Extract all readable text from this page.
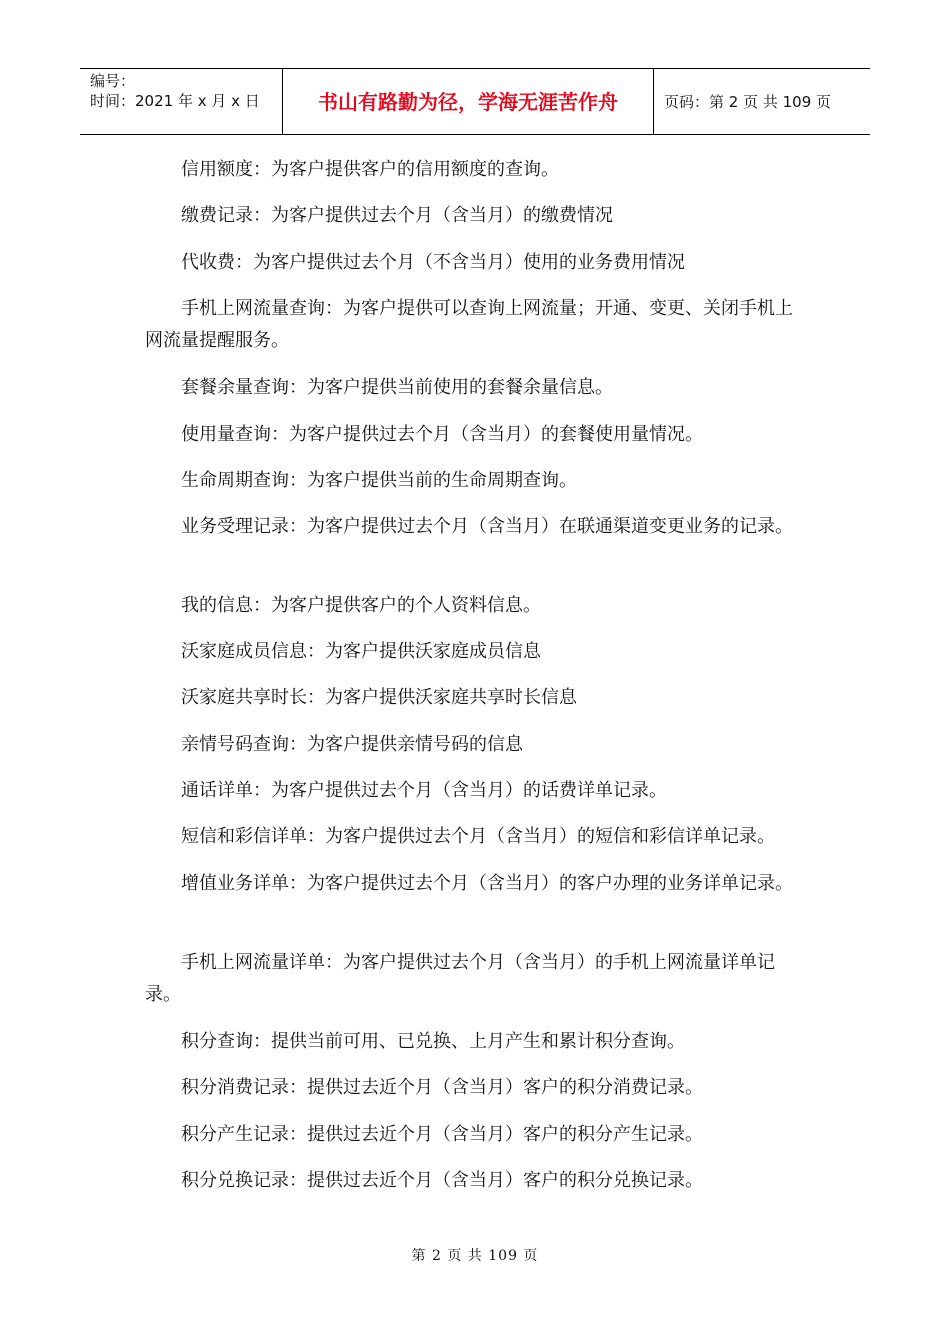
编号：
时间：2021 年 x 月 x 日	书山有路勤为径，学海无涯苦作舟	页码：第 2 页 共 109 页

信用额度：为客户提供客户的信用额度的查询。

缴费记录：为客户提供过去个月（含当月）的缴费情况

代收费：为客户提供过去个月（不含当月）使用的业务费用情况

手机上网流量查询：为客户提供可以查询上网流量；开通、变更、关闭手机上网流量提醒服务。

套餐余量查询：为客户提供当前使用的套餐余量信息。

使用量查询：为客户提供过去个月（含当月）的套餐使用量情况。

生命周期查询：为客户提供当前的生命周期查询。

业务受理记录：为客户提供过去个月（含当月）在联通渠道变更业务的记录。

我的信息：为客户提供客户的个人资料信息。

沃家庭成员信息：为客户提供沃家庭成员信息

沃家庭共享时长：为客户提供沃家庭共享时长信息

亲情号码查询：为客户提供亲情号码的信息

通话详单：为客户提供过去个月（含当月）的话费详单记录。

短信和彩信详单：为客户提供过去个月（含当月）的短信和彩信详单记录。

增值业务详单：为客户提供过去个月（含当月）的客户办理的业务详单记录。

手机上网流量详单：为客户提供过去个月（含当月）的手机上网流量详单记录。

积分查询：提供当前可用、已兑换、上月产生和累计积分查询。

积分消费记录：提供过去近个月（含当月）客户的积分消费记录。

积分产生记录：提供过去近个月（含当月）客户的积分产生记录。

积分兑换记录：提供过去近个月（含当月）客户的积分兑换记录。

第 2 页 共 109 页
